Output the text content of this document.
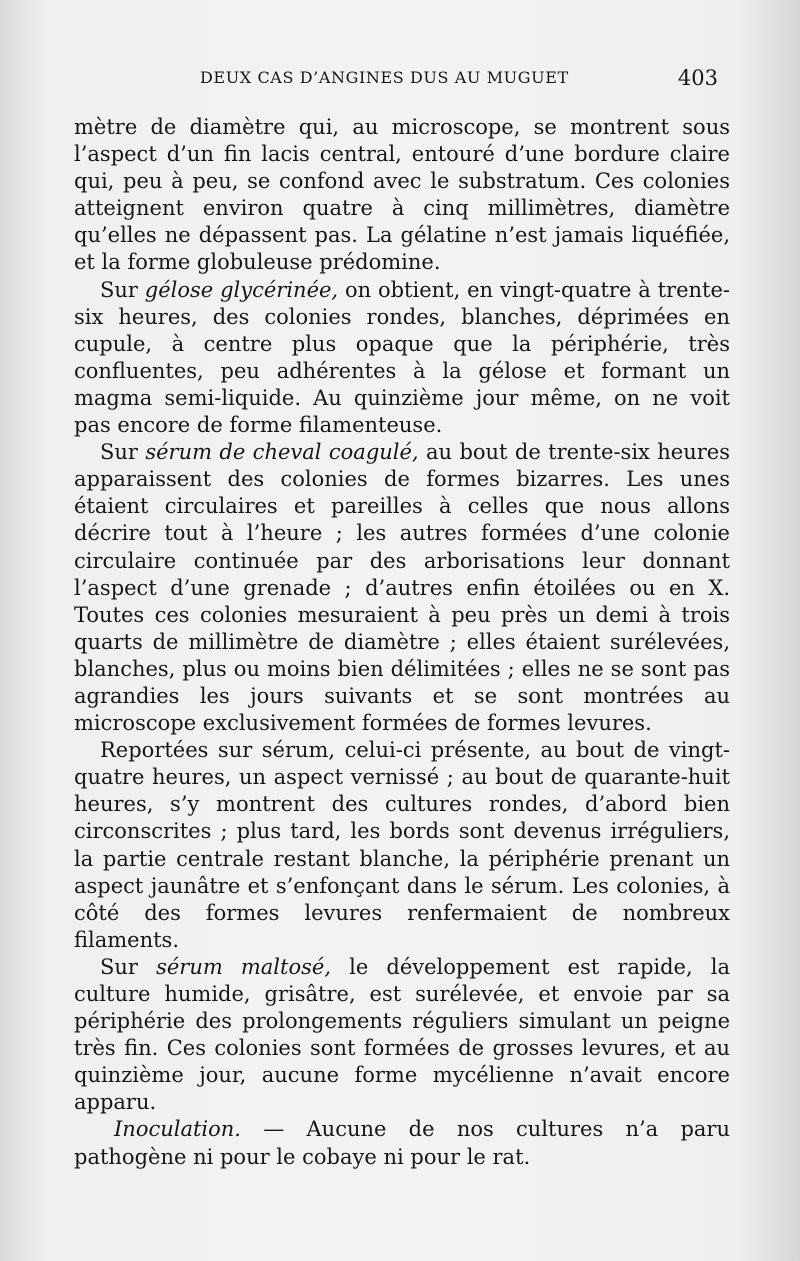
DEUX CAS D’ANGINES DUS AU MUGUET	403

mètre de diamètre qui, au microscope, se montrent sous l’aspect d’un fin lacis central, entouré d’une bordure claire qui, peu à peu, se confond avec le substratum. Ces colonies atteignent environ quatre à cinq millimètres, diamètre qu’elles ne dépassent pas. La gélatine n’est jamais liquéfiée, et la forme globuleuse prédomine.

Sur gélose glycérinée, on obtient, en vingt-quatre à trente-six heures, des colonies rondes, blanches, déprimées en cupule, à centre plus opaque que la périphérie, très confluentes, peu adhérentes à la gélose et formant un magma semi-liquide. Au quinzième jour même, on ne voit pas encore de forme filamenteuse.

Sur sérum de cheval coagulé, au bout de trente-six heures apparaissent des colonies de formes bizarres. Les unes étaient circulaires et pareilles à celles que nous allons décrire tout à l’heure ; les autres formées d’une colonie circulaire continuée par des arborisations leur donnant l’aspect d’une grenade ; d’autres enfin étoilées ou en X. Toutes ces colonies mesuraient à peu près un demi à trois quarts de millimètre de diamètre ; elles étaient surélevées, blanches, plus ou moins bien délimitées ; elles ne se sont pas agrandies les jours suivants et se sont montrées au microscope exclusivement formées de formes levures.

Reportées sur sérum, celui-ci présente, au bout de vingt-quatre heures, un aspect vernissé ; au bout de quarante-huit heures, s’y montrent des cultures rondes, d’abord bien circonscrites ; plus tard, les bords sont devenus irréguliers, la partie centrale restant blanche, la périphérie prenant un aspect jaunâtre et s’enfonçant dans le sérum. Les colonies, à côté des formes levures renfermaient de nombreux filaments.

Sur sérum maltosé, le développement est rapide, la culture humide, grisâtre, est surélevée, et envoie par sa périphérie des prolongements réguliers simulant un peigne très fin. Ces colonies sont formées de grosses levures, et au quinzième jour, aucune forme mycélienne n’avait encore apparu.

Inoculation. — Aucune de nos cultures n’a paru pathogène ni pour le cobaye ni pour le rat.
